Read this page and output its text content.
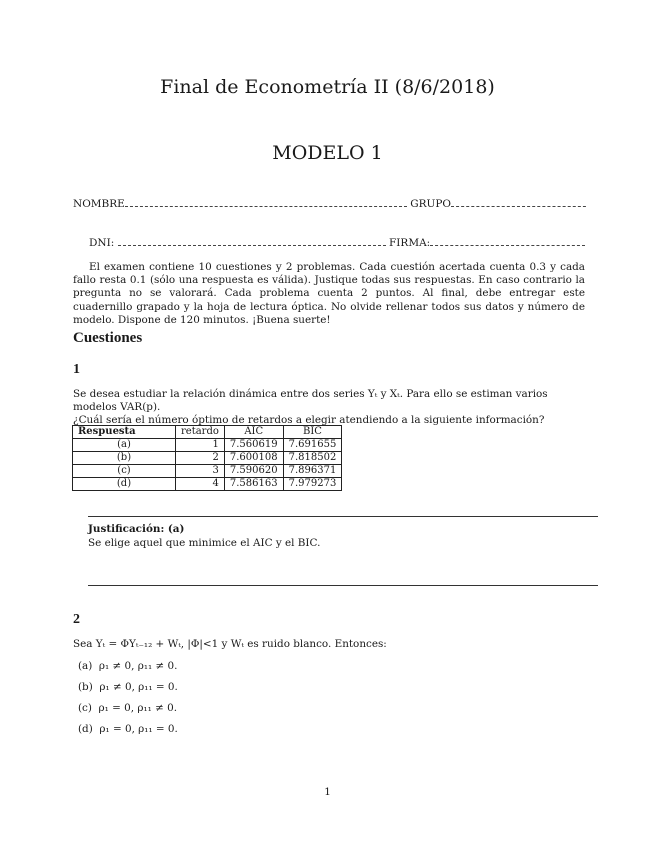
Final de Econometría II (8/6/2018)
MODELO 1
NOMBRE	GRUPO
DNI:	FIRMA:

El examen contiene 10 cuestiones y 2 problemas. Cada cuestión acertada cuenta 0.3 y cada fallo resta 0.1 (sólo una respuesta es válida). Justique todas sus respuestas. En caso contrario la pregunta no se valorará. Cada problema cuenta 2 puntos. Al final, debe entregar este cuadernillo grapado y la hoja de lectura óptica. No olvide rellenar todos sus datos y número de modelo. Dispone de 120 minutos. ¡Buena suerte!

Cuestiones
1

Se desea estudiar la relación dinámica entre dos series Yₜ y Xₜ. Para ello se estiman varios modelos VAR(p).

¿Cuál sería el número óptimo de retardos a elegir atendiendo a la siguiente información?

Respuesta	retardo	AIC	BIC
(a)	1	7.560619	7.691655
(b)	2	7.600108	7.818502
(c)	3	7.590620	7.896371
(d)	4	7.586163	7.979273
Justificación: (a)
Se elige aquel que minimice el AIC y el BIC.
2

Sea Yₜ = ΦYₜ₋₁₂ + Wₜ, |Φ|<1 y Wₜ es ruido blanco. Entonces:

(a) ρ₁ ≠ 0, ρ₁₁ ≠ 0.
(b) ρ₁ ≠ 0, ρ₁₁ = 0.
(c) ρ₁ = 0, ρ₁₁ ≠ 0.
(d) ρ₁ = 0, ρ₁₁ = 0.
1
